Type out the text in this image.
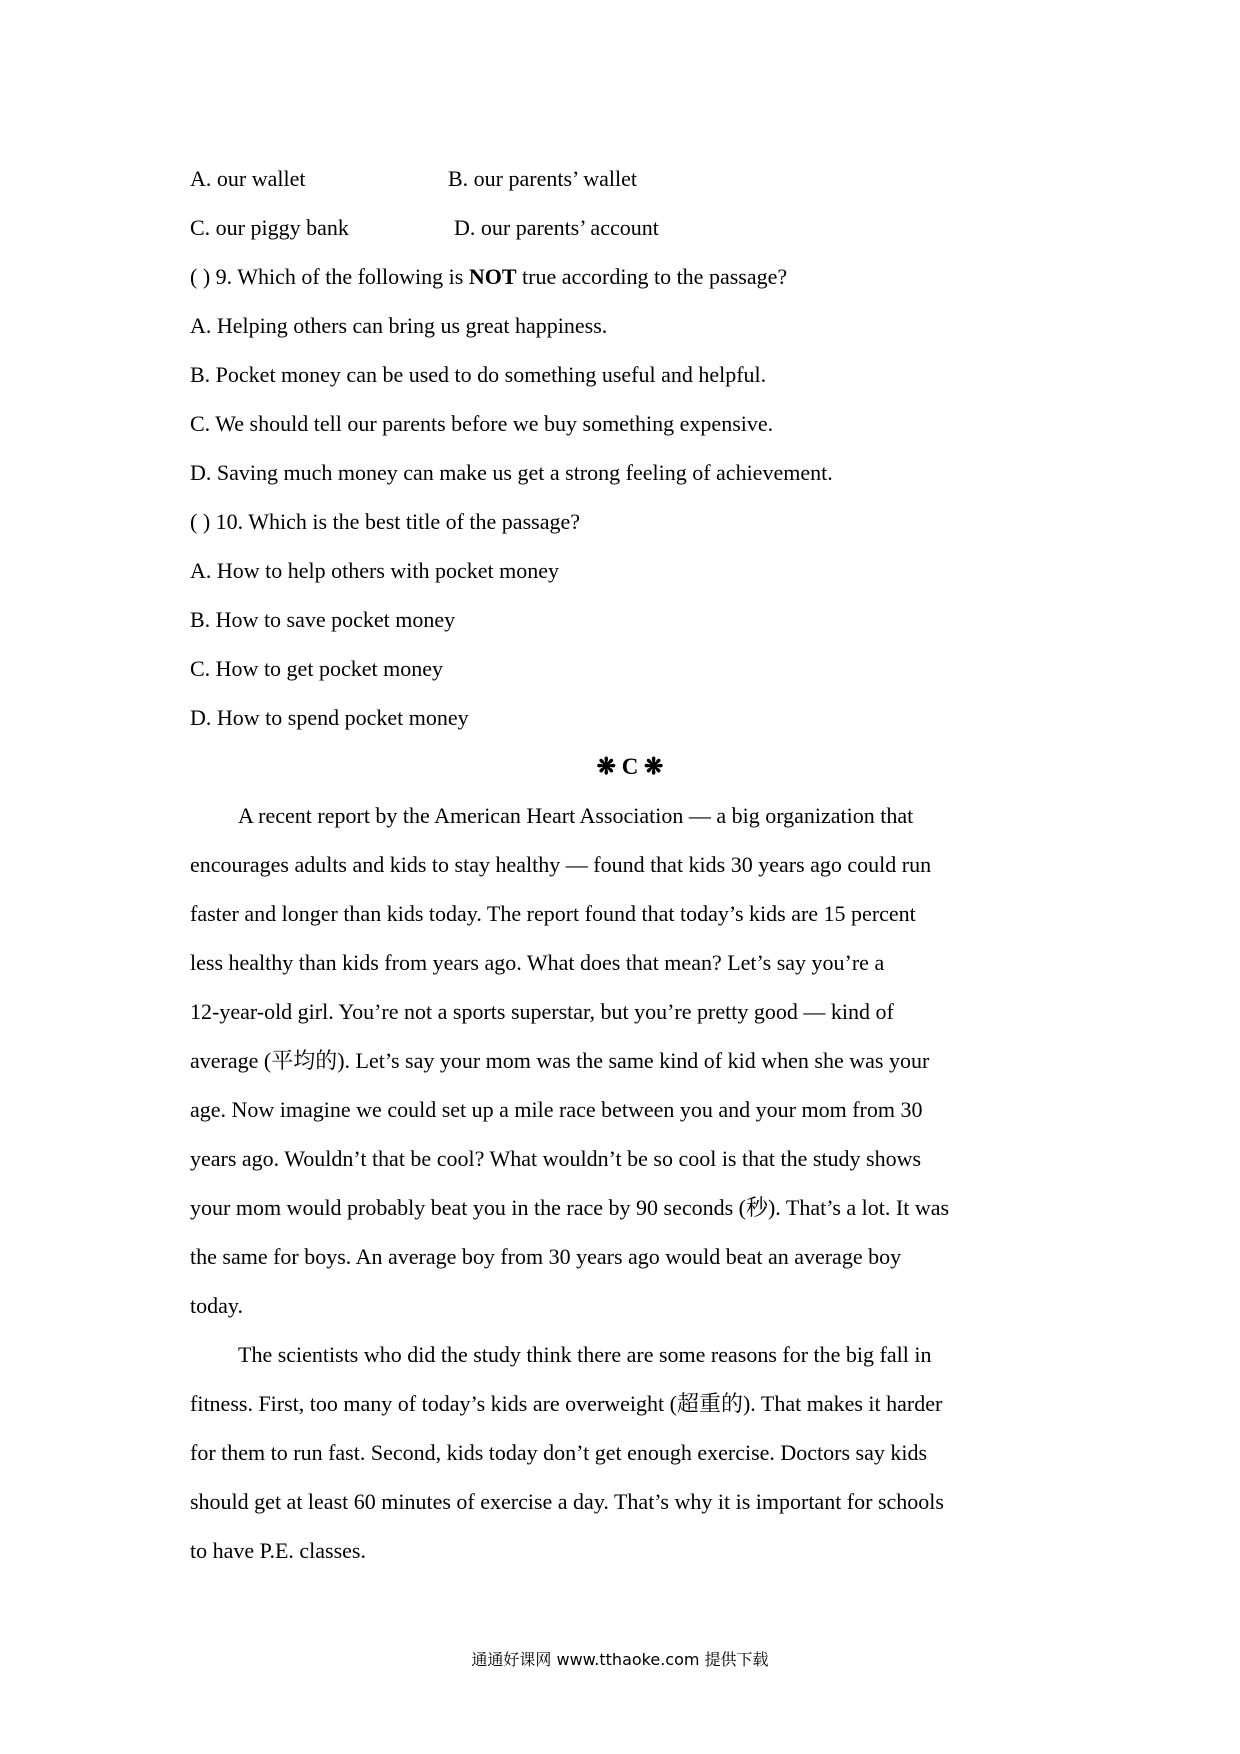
A. our wallet	B. our parents’ wallet
C. our piggy bank	D. our parents’ account
( ) 9. Which of the following is NOT true according to the passage?
A. Helping others can bring us great happiness.
B. Pocket money can be used to do something useful and helpful.
C. We should tell our parents before we buy something expensive.
D. Saving much money can make us get a strong feeling of achievement.
( ) 10. Which is the best title of the passage?
A. How to help others with pocket money
B. How to save pocket money
C. How to get pocket money
D. How to spend pocket money
❋ C ❋
A recent report by the American Heart Association — a big organization that
encourages adults and kids to stay healthy — found that kids 30 years ago could run
faster and longer than kids today. The report found that today’s kids are 15 percent
less healthy than kids from years ago. What does that mean? Let’s say you’re a
12-year-old girl. You’re not a sports superstar, but you’re pretty good — kind of
average (平均的). Let’s say your mom was the same kind of kid when she was your
age. Now imagine we could set up a mile race between you and your mom from 30
years ago. Wouldn’t that be cool? What wouldn’t be so cool is that the study shows
your mom would probably beat you in the race by 90 seconds (秒). That’s a lot. It was
the same for boys. An average boy from 30 years ago would beat an average boy
today.
The scientists who did the study think there are some reasons for the big fall in
fitness. First, too many of today’s kids are overweight (超重的). That makes it harder
for them to run fast. Second, kids today don’t get enough exercise. Doctors say kids
should get at least 60 minutes of exercise a day. That’s why it is important for schools
to have P.E. classes.
通通好课网 www.tthaoke.com 提供下载
